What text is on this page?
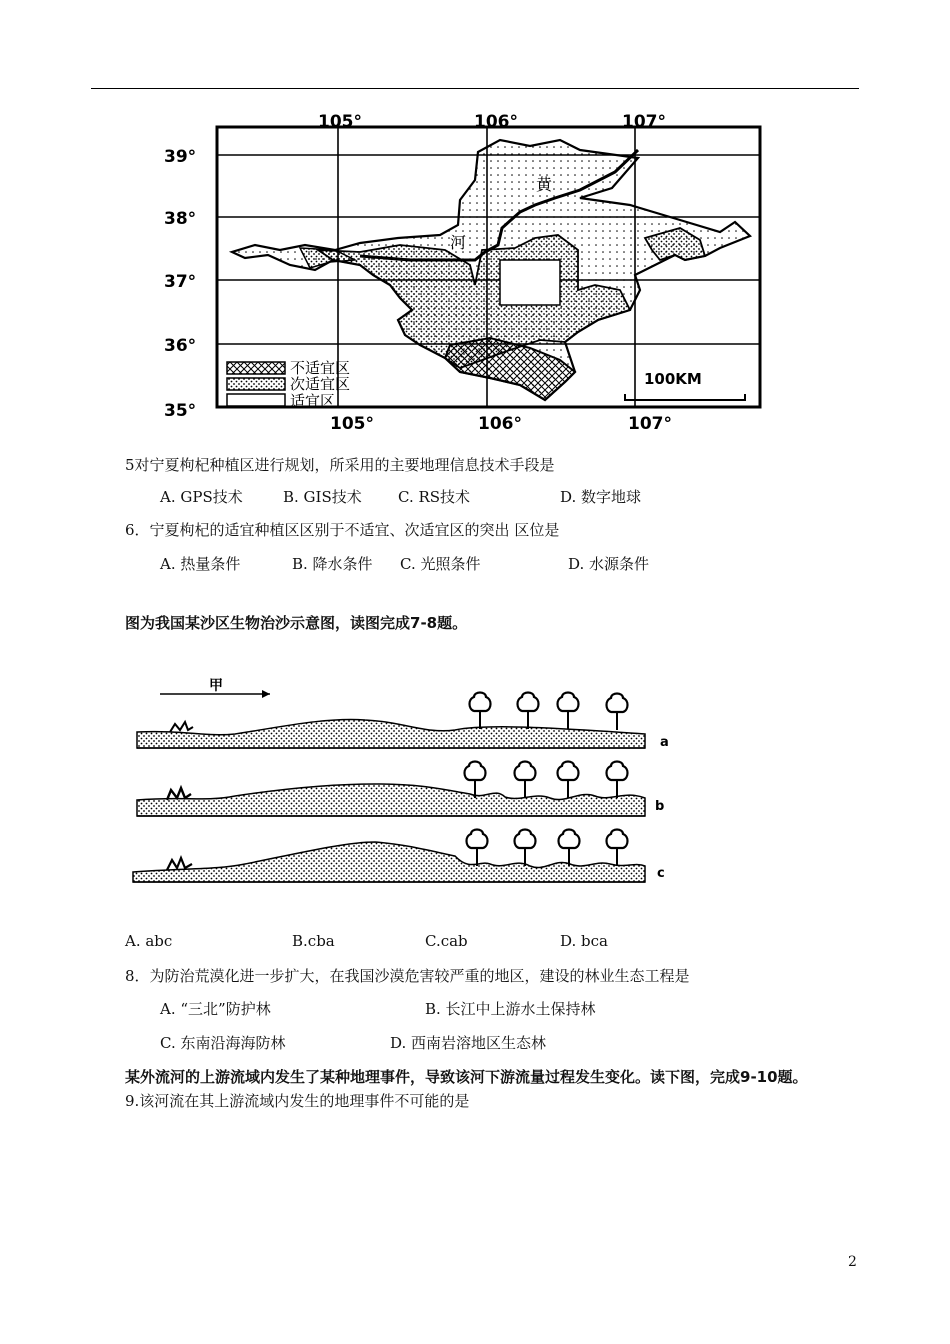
105°	106°	107°
105°	106°	107°
39°
38°
37°
36°
35°
黄
河
不适宜区
次适宜区
适宜区
100KM
5对宁夏枸杞种植区进行规划，所采用的主要地理信息技术手段是
A. GPS技术	B. GIS技术 C. RS技术	D. 数字地球
6．宁夏枸杞的适宜种植区区别于不适宜、次适宜区的突出 区位是
A. 热量条件	B. 降水条件 C. 光照条件	D. 水源条件
图为我国某沙区生物治沙示意图，读图完成7-8题。
甲
a
b
c
A. abc	B.cba	C.cab	D. bca
8．为防治荒漠化进一步扩大，在我国沙漠危害较严重的地区，建设的林业生态工程是
A. “三北”防护林	B. 长江中上游水土保持林
C. 东南沿海海防林	D. 西南岩溶地区生态林
某外流河的上游流域内发生了某种地理事件，导致该河下游流量过程发生变化。读下图，完成9-10题。
9.该河流在其上游流域内发生的地理事件不可能的是
2
